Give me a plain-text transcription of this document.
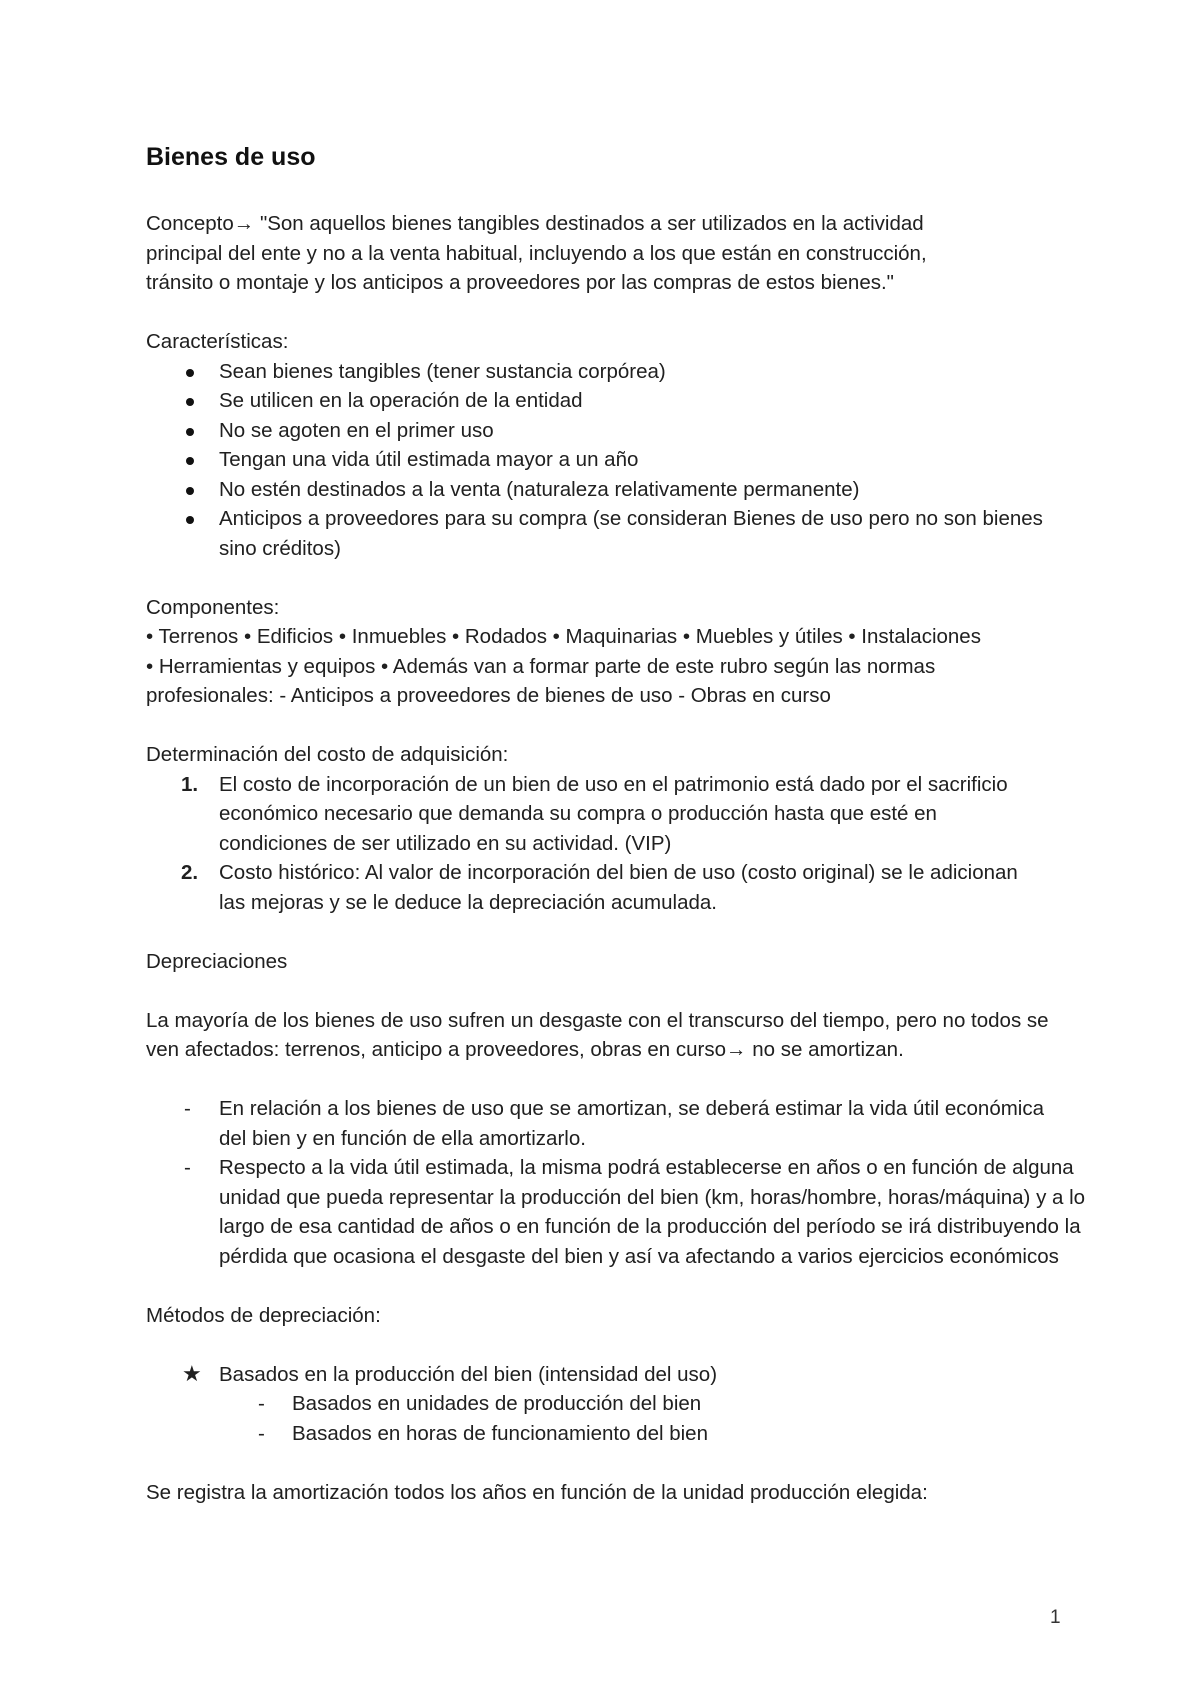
Bienes de uso

Concepto→ "Son aquellos bienes tangibles destinados a ser utilizados en la actividad

principal del ente y no a la venta habitual, incluyendo a los que están en construcción,

tránsito o montaje y los anticipos a proveedores por las compras de estos bienes."

Características:

Sean bienes tangibles (tener sustancia corpórea)
Se utilicen en la operación de la entidad
No se agoten en el primer uso
Tengan una vida útil estimada mayor a un año
No estén destinados a la venta (naturaleza relativamente permanente)
Anticipos a proveedores para su compra (se consideran Bienes de uso pero no son bienes sino créditos)

Componentes:

• Terrenos • Edificios • Inmuebles • Rodados • Maquinarias • Muebles y útiles • Instalaciones

• Herramientas y equipos • Además van a formar parte de este rubro según las normas

profesionales: - Anticipos a proveedores de bienes de uso - Obras en curso

Determinación del costo de adquisición:

1. El costo de incorporación de un bien de uso en el patrimonio está dado por el sacrificio económico necesario que demanda su compra o producción hasta que esté en condiciones de ser utilizado en su actividad. (VIP)
2. Costo histórico: Al valor de incorporación del bien de uso (costo original) se le adicionan las mejoras y se le deduce la depreciación acumulada.

Depreciaciones

La mayoría de los bienes de uso sufren un desgaste con el transcurso del tiempo, pero no todos se ven afectados: terrenos, anticipo a proveedores, obras en curso→ no se amortizan.

- En relación a los bienes de uso que se amortizan, se deberá estimar la vida útil económica del bien y en función de ella amortizarlo.
- Respecto a la vida útil estimada, la misma podrá establecerse en años o en función de alguna unidad que pueda representar la producción del bien (km, horas/hombre, horas/máquina) y a lo largo de esa cantidad de años o en función de la producción del período se irá distribuyendo la pérdida que ocasiona el desgaste del bien y así va afectando a varios ejercicios económicos

Métodos de depreciación:

★ Basados en la producción del bien (intensidad del uso)
- Basados en unidades de producción del bien
- Basados en horas de funcionamiento del bien

Se registra la amortización todos los años en función de la unidad producción elegida:

1
